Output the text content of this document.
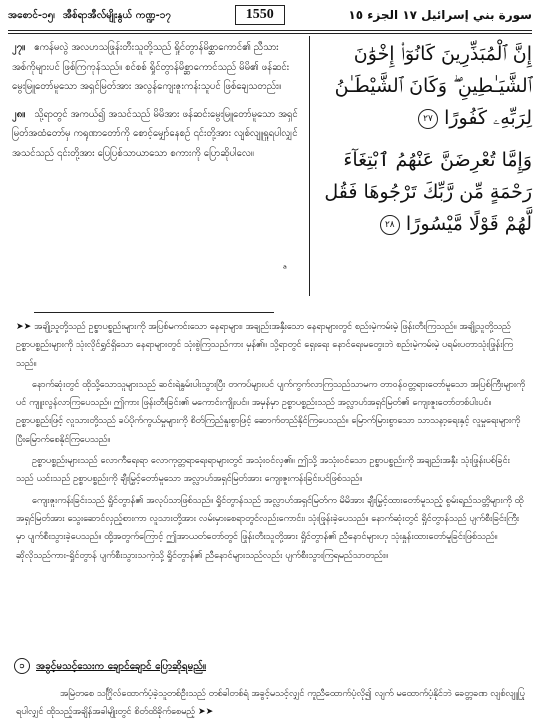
အစောင်-၁၅၊ အီစ်ရာအီလ်မျိုးနွယ် ကဏ္ဍ-၁၇	1550	سورة بني إسرائيل ١٧ الجزء ١٥

၂၇။ ဧကန်မလွဲ အလဟသဖြုန်းတီးသူတို့သည် ရှိုင်တွာန်မိစ္ဆာကောင်၏ ညီသားအစ်ကိုများပင် ဖြစ်ကြကုန်သည်။ စင်စစ် ရှိုင်တွာန်မိစ္ဆာကောင်သည် မိမိ၏ ဖန်ဆင်းမွေးမြူတော်မူသော အရှင်မြတ်အား အလွန်ကျေးဇူးကန်းသူပင် ဖြစ်ချေသတည်း။

၂၈။ သို့ရာတွင် အကယ်၍ အသင်သည် မိမိအား ဖန်ဆင်းမွေးမြူတော်မူသော အရှင်မြတ်အထံတော်မှ ကရုဏာတော်ကို စောင့်မျှော်နေစဉ် ၎င်းတို့အား လျစ်လျူရှုရပါလျှင် အသင်သည် ၎င်းတို့အား ပြေပြစ်သာယာသော စကားကို ပြောဆိုပါလေ။

ᵃ
إِنَّ ٱلْمُبَذِّرِينَ كَانُوٓا۟ إِخْوَٰنَ ٱلشَّيَـٰطِينِ ۖ وَكَانَ ٱلشَّيْطَـٰنُ لِرَبِّهِۦ كَفُورًا ٢٧
وَإِمَّا تُعْرِضَنَّ عَنْهُمُ ٱبْتِغَآءَ رَحْمَةٍ مِّن رَّبِّكَ تَرْجُوهَا فَقُل لَّهُمْ قَوْلًا مَّيْسُورًا ٢٨

➤➤ အချို့သူတို့သည် ဥစ္စာပစ္စည်းများကို အပြစ်မကင်းသော နေရာများ၊ အချည်းအနှီးသော နေရာများတွင် စည်းမဲ့ကမ်းမဲ့ ဖြန်းတီးကြသည်။ အချို့သူတို့သည် ဥစ္စာပစ္စည်းများကို သုံးလိုင်ရွှင်ရှိသော နေရာများတွင် သုံးစွဲကြသည်ကား မှန်၏။ သို့ရာတွင် ရှေးရေး နောင်ရေးမတွေးဘဲ စည်းမဲ့ကမ်းမဲ့ ပရမ်းပတာသုံးဖြုန်းကြသည်။

နောက်ဆုံးတွင် ထိုသို့သောသူများသည် ဆင်းရဲနွမ်းပါးသွားပြီး တကပ်များပင် ပျက်ကွက်လာကြသည်သာမက တာဝန်ဝတ္တရားတော်မူသော အပြစ်ကြီးများကိုပင် ကျူးလွန်လာကြပေသည်။ ဤကား ဖြန်းတီးခြင်း၏ မကောင်းကျိုးပင်။ အမှန်မှာ ဥစ္စာပစ္စည်းသည် အလ္လာဟ်အရှင်မြတ်၏ ကျေးဇူးတော်တစ်ပါးပင်။ ဥစ္စာပစ္စည်းဖြင့် လူသားတို့သည် ခပ်ပိုက်ကွယ်မှုများကို စိတ်ကြည်နူးစွာဖြင့် ဆောက်တည်နိုင်ကြပေသည်။ မြောက်မြားစွာသော သာသနာ့ရေးနှင့် လူမှုရေးများကို ပြီးမြောက်စေနိုင်ကြပေသည်။

ဥစ္စာပစ္စည်းများသည် လောကီရေးရာ လောကုတ္တရာရေးရာများတွင် အသုံးဝင်လှ၏။ ဤသို့ အသုံးဝင်သော ဥစ္စာပစ္စည်းကို အချည်းအနှီး သုံးဖြုန်းပစ်ခြင်းသည် ယင်းသည် ဥစ္စာပစ္စည်းကို ချီးမြှင့်တော်မူသော အလ္လာဟ်အရှင်မြတ်အား ကျေးဇူးကန်းခြင်းပင်ဖြစ်သည်။

ကျေးဇူးကန်းခြင်းသည် ရှိုင်တွာန်၏ အလုပ်သာဖြစ်သည်။ ရှိုင်တွာန်သည် အလ္လာဟ်အရှင်မြတ်က မိမိအား ချီးမြှင့်ထားတော်မူသည့် စွမ်းရည်သတ္တိများကို ထိုအရှင်မြတ်အား သွေးဆောင်လှည့်စားကာ လူသားတို့အား လမ်းမှားစေရာတွင်လည်းကောင်း၊ သုံးဖြုန်းခဲ့ပေသည်။ နောက်ဆုံးတွင် ရှိုင်တွာန်သည် ပျက်စီးခြင်းကြီးမှာ ပျက်စီးသွားခဲ့ပေသည်။ ထို့အတွက်ကြောင့် ဤအာယတ်တော်တွင် ဖြုန်းတီးသူတို့အား ရှိုင်တွာန်၏ ညီနောင်များဟု သုံးနှုန်းထားတော်မူခြင်းဖြစ်သည်။ ဆိုလိုသည်ကား-ရှိုင်တွာန် ပျက်စီးသွားသကဲ့သို့ ရှိုင်တွာန်၏ ညီနောင်များသည်လည်း ပျက်စီးသွားကြရမည်သာတည်း။

၁	အခွင့်မသင့်သေးက ချောင်ချောင် ပြောဆိုရမည်။

အမြဲတစေ သင်္ဂြိုလ်ထောက်ပံ့ခဲ့သူတစ်ဦးသည် တစ်ခါတစ်ရံ အခွင့်မသင့်လျှင် ကူညီထောက်ပံ့လို၍ လျက် မထောက်ပံ့နိုင်ဘဲ ခေတ္တခဏ လျစ်လျူပြုရပါလျှင် ထိုသည့်အချိန်အခါမျိုးတွင် စိတ်ထိခိုက်စေမည့် ➤➤
